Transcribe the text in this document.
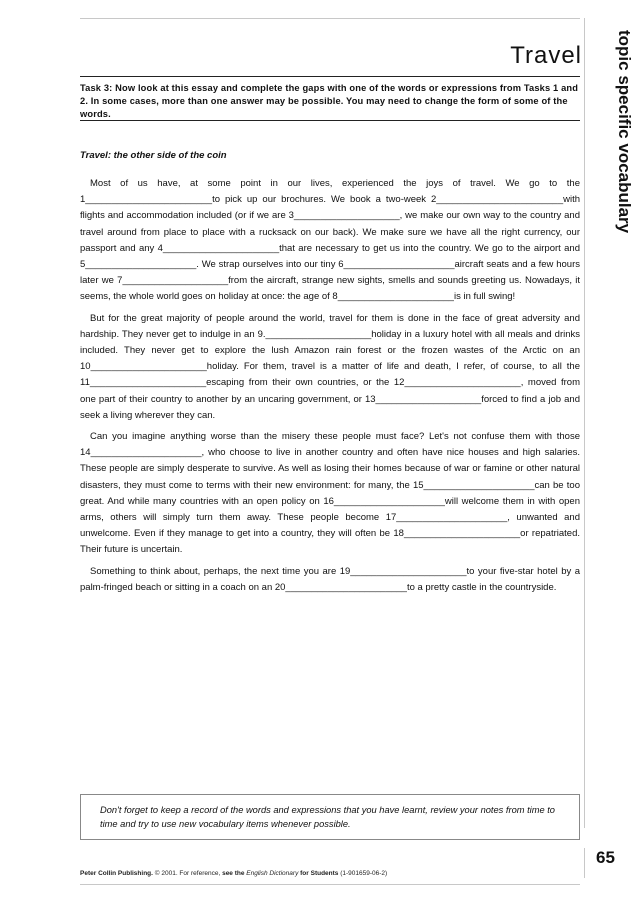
Travel	topic specific vocabulary
Task 3: Now look at this essay and complete the gaps with one of the words or expressions from Tasks 1 and 2. In some cases, more than one answer may be possible. You may need to change the form of some of the words.
Travel: the other side of the coin

Most of us have, at some point in our lives, experienced the joys of travel. We go to the 1________________________to pick up our brochures. We book a two-week 2________________________with flights and accommodation included (or if we are 3____________________, we make our own way to the country and travel around from place to place with a rucksack on our back). We make sure we have all the right currency, our passport and any 4______________________that are necessary to get us into the country. We go to the airport and 5_____________________. We strap ourselves into our tiny 6_____________________aircraft seats and a few hours later we 7____________________from the aircraft, strange new sights, smells and sounds greeting us. Nowadays, it seems, the whole world goes on holiday at once: the age of 8______________________is in full swing!

But for the great majority of people around the world, travel for them is done in the face of great adversity and hardship. They never get to indulge in an 9.____________________holiday in a luxury hotel with all meals and drinks included. They never get to explore the lush Amazon rain forest or the frozen wastes of the Arctic on an 10______________________holiday. For them, travel is a matter of life and death, I refer, of course, to all the 11______________________escaping from their own countries, or the 12______________________, moved from one part of their country to another by an uncaring government, or 13____________________forced to find a job and seek a living wherever they can.

Can you imagine anything worse than the misery these people must face? Let's not confuse them with those 14_____________________, who choose to live in another country and often have nice houses and high salaries. These people are simply desperate to survive. As well as losing their homes because of war or famine or other natural disasters, they must come to terms with their new environment: for many, the 15_____________________can be too great. And while many countries with an open policy on 16_____________________will welcome them in with open arms, others will simply turn them away. These people become 17_____________________, unwanted and unwelcome. Even if they manage to get into a country, they will often be 18______________________or repatriated. Their future is uncertain.

Something to think about, perhaps, the next time you are 19______________________to your five-star hotel by a palm-fringed beach or sitting in a coach on an 20_______________________to a pretty castle in the countryside.

Don't forget to keep a record of the words and expressions that you have learnt, review your notes from time to time and try to use new vocabulary items whenever possible.
65
Peter Collin Publishing. © 2001. For reference, see the English Dictionary for Students (1-901659-06-2)
